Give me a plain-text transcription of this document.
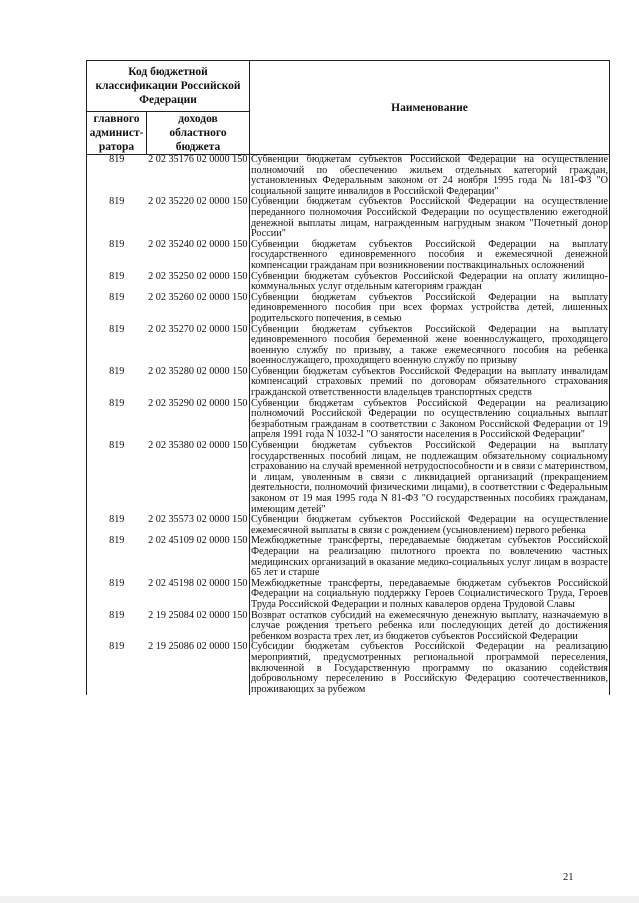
Код бюджетной классификации Российской Федерации		Наименование
главного админист-ратора	доходов областного бюджета	
819	2 02 35176 02 0000 150	Субвенции бюджетам субъектов Российской Федерации на осуществление полномочий по обеспечению жильем отдельных категорий граждан, установленных Федеральным законом от 24 ноября 1995 года № 181-ФЗ "О социальной защите инвалидов в Российской Федерации"
819	2 02 35220 02 0000 150	Субвенции бюджетам субъектов Российской Федерации на осуществление переданного полномочия Российской Федерации по осуществлению ежегодной денежной выплаты лицам, награжденным нагрудным знаком "Почетный донор России"
819	2 02 35240 02 0000 150	Субвенции бюджетам субъектов Российской Федерации на выплату государственного единовременного пособия и ежемесячной денежной компенсации гражданам при возникновении поствакцинальных осложнений
819	2 02 35250 02 0000 150	Субвенции бюджетам субъектов Российской Федерации на оплату жилищно-коммунальных услуг отдельным категориям граждан
819	2 02 35260 02 0000 150	Субвенции бюджетам субъектов Российской Федерации на выплату единовременного пособия при всех формах устройства детей, лишенных родительского попечения, в семью
819	2 02 35270 02 0000 150	Субвенции бюджетам субъектов Российской Федерации на выплату единовременного пособия беременной жене военнослужащего, проходящего военную службу по призыву, а также ежемесячного пособия на ребенка военнослужащего, проходящего военную службу по призыву
819	2 02 35280 02 0000 150	Субвенции бюджетам субъектов Российской Федерации на выплату инвалидам компенсаций страховых премий по договорам обязательного страхования гражданской ответственности владельцев транспортных средств
819	2 02 35290 02 0000 150	Субвенции бюджетам субъектов Российской Федерации на реализацию полномочий Российской Федерации по осуществлению социальных выплат безработным гражданам в соответствии с Законом Российской Федерации от 19 апреля 1991 года N 1032-I "О занятости населения в Российской Федерации"
819	2 02 35380 02 0000 150	Субвенции бюджетам субъектов Российской Федерации на выплату государственных пособий лицам, не подлежащим обязательному социальному страхованию на случай временной нетрудоспособности и в связи с материнством, и лицам, уволенным в связи с ликвидацией организаций (прекращением деятельности, полномочий физическими лицами), в соответствии с Федеральным законом от 19 мая 1995 года N 81-ФЗ "О государственных пособиях гражданам, имеющим детей"
819	2 02 35573 02 0000 150	Субвенции бюджетам субъектов Российской Федерации на осуществление ежемесячной выплаты в связи с рождением (усыновлением) первого ребенка
819	2 02 45109 02 0000 150	Межбюджетные трансферты, передаваемые бюджетам субъектов Российской Федерации на реализацию пилотного проекта по вовлечению частных медицинских организаций в оказание медико-социальных услуг лицам в возрасте 65 лет и старше
819	2 02 45198 02 0000 150	Межбюджетные трансферты, передаваемые бюджетам субъектов Российской Федерации на социальную поддержку Героев Социалистического Труда, Героев Труда Российской Федерации и полных кавалеров ордена Трудовой Славы
819	2 19 25084 02 0000 150	Возврат остатков субсидий на ежемесячную денежную выплату, назначаемую в случае рождения третьего ребенка или последующих детей до достижения ребенком возраста трех лет, из бюджетов субъектов Российской Федерации
819	2 19 25086 02 0000 150	Субсидии бюджетам субъектов Российской Федерации на реализацию мероприятий, предусмотренных региональной программой переселения, включенной в Государственную программу по оказанию содействия добровольному переселению в Российскую Федерацию соотечественников, проживающих за рубежом
21
